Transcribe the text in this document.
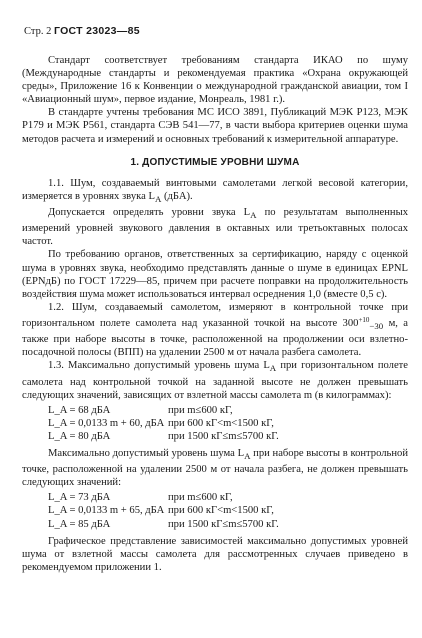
Стр. 2 ГОСТ 23023—85

Стандарт соответствует требованиям стандарта ИКАО по шуму (Международные стандарты и рекомендуемая практика «Охрана окружающей среды», Приложение 16 к Конвенции о международной гражданской авиации, том I «Авиационный шум», первое издание, Монреаль, 1981 г.).

В стандарте учтены требования МС ИСО 3891, Публикаций МЭК Р123, МЭК Р179 и МЭК Р561, стандарта СЭВ 541—77, в части выбора критериев оценки шума методов расчета и измерений и основных требований к измерительной аппаратуре.

1. ДОПУСТИМЫЕ УРОВНИ ШУМА

1.1. Шум, создаваемый винтовыми самолетами легкой весовой категории, измеряется в уровнях звука $L_А$ (дБА).

Допускается определять уровни звука $L_А$ по результатам выполненных измерений уровней звукового давления в октавных или третьоктавных полосах частот.

По требованию органов, ответственных за сертификацию, наряду с оценкой шума в уровнях звука, необходимо представлять данные о шуме в единицах EPNL (EPNдБ) по ГОСТ 17229—85, причем при расчете поправки на продолжительность воздействия шума может использоваться интервал осреднения 1,0 (вместе 0,5 с).

1.2. Шум, создаваемый самолетом, измеряют в контрольной точке при горизонтальном полете самолета над указанной точкой на высоте $300^{+10}_{-30}$ м, а также при наборе высоты в точке, расположенной на продолжении оси взлетно-посадочной полосы (ВПП) на удалении 2500 м от начала разбега самолета.

1.3. Максимально допустимый уровень шума $L_А$ при горизонтальном полете самолета над контрольной точкой на заданной высоте не должен превышать следующих значений, зависящих от взлетной массы самолета m (в килограммах):

L_A = 68 дБА	при m≤600 кГ,
L_A = 0,0133 m + 60, дБА при 600 кГ<m<1500 кГ,
L_A = 80 дБА	при 1500 кГ≤m≤5700 кГ.

Максимально допустимый уровень шума $L_А$ при наборе высоты в контрольной точке, расположенной на удалении 2500 м от начала разбега, не должен превышать следующих значений:

L_A = 73 дБА	при m≤600 кГ,
L_A = 0,0133 m + 65, дБА при 600 кГ<m<1500 кГ,
L_A = 85 дБА	при 1500 кГ≤m≤5700 кГ.

Графическое представление зависимостей максимально допустимых уровней шума от взлетной массы самолета для рассмотренных случаев приведено в рекомендуемом приложении 1.
